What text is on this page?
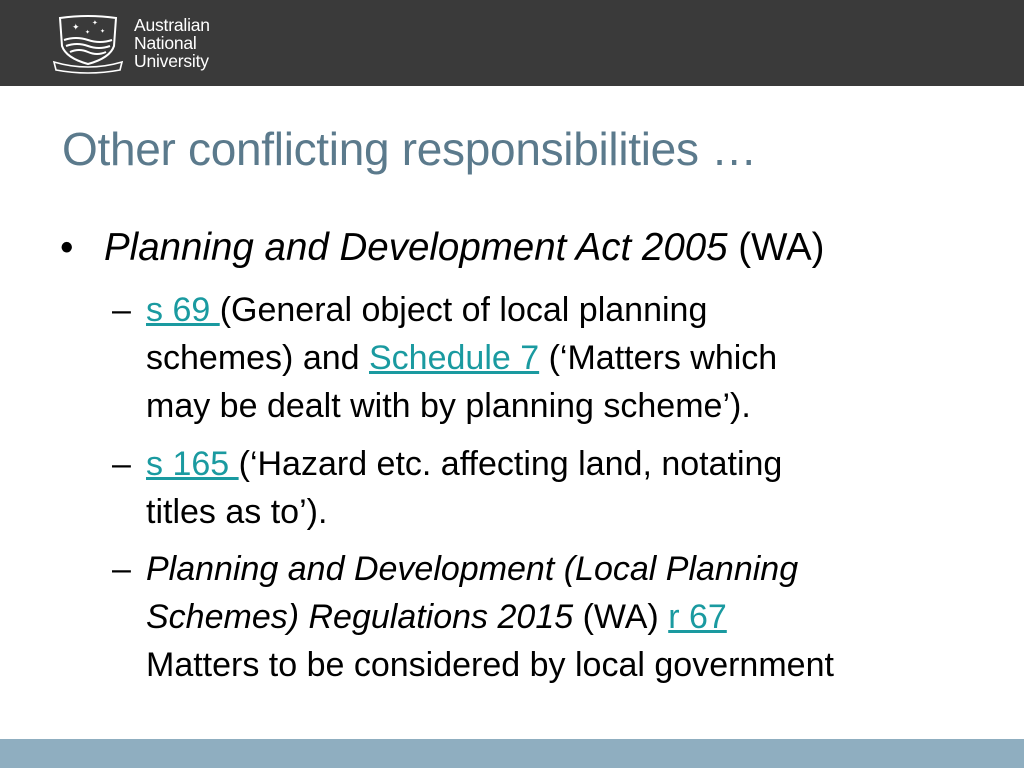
✦ ✦
✦
✦	Australian
National
University
Other conflicting responsibilities …
• Planning and Development Act 2005 (WA)
– s 69 (General object of local planning
schemes) and Schedule 7 (‘Matters which
may be dealt with by planning scheme’).
– s 165 (‘Hazard etc. affecting land, notating
titles as to’).
– Planning and Development (Local Planning
Schemes) Regulations 2015 (WA) r 67
Matters to be considered by local government
